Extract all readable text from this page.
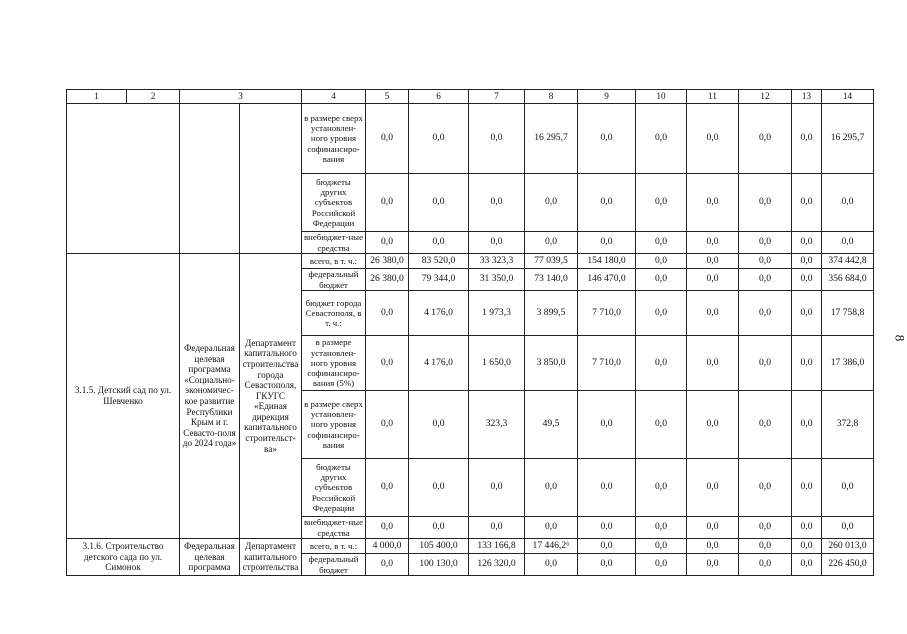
1	2	3		4	5	6	7	8	9	10	11	12	13	14
				в размере сверх установлен-ного уровня софинансиро-вания	0,0	0,0	0,0	16 295,7	0,0	0,0	0,0	0,0	0,0	16 295,7
				бюджеты других субъектов Российской Федерации	0,0	0,0	0,0	0,0	0,0	0,0	0,0	0,0	0,0	0,0
				внебюджет-ные средства	0,0	0,0	0,0	0,0	0,0	0,0	0,0	0,0	0,0	0,0
3.1.5. Детский сад по ул. Шевченко		Федеральная целевая программа «Социально-экономичес-кое развитие Республики Крым и г. Севасто-поля до 2024 года»	Департамент капитального строительства города Севастополя, ГКУГС «Единая дирекция капитального строительст-ва»	всего, в т. ч.:	26 380,0	83 520,0	33 323,3	77 039,5	154 180,0	0,0	0,0	0,0	0,0	374 442,8
				федеральный бюджет	26 380,0	79 344,0	31 350,0	73 140,0	146 470,0	0,0	0,0	0,0	0,0	356 684,0
				бюджет города Севастополя, в т. ч.:	0,0	4 176,0	1 973,3	3 899,5	7 710,0	0,0	0,0	0,0	0,0	17 758,8
				в размере установлен-ного уровня софинансиро-вания (5%)	0,0	4 176,0	1 650,0	3 850,0	7 710,0	0,0	0,0	0,0	0,0	17 386,0
				в размере сверх установлен-ного уровня софинансиро-вания	0,0	0,0	323,3	49,5	0,0	0,0	0,0	0,0	0,0	372,8
				бюджеты других субъектов Российской Федерации	0,0	0,0	0,0	0,0	0,0	0,0	0,0	0,0	0,0	0,0
				внебюджет-ные средства	0,0	0,0	0,0	0,0	0,0	0,0	0,0	0,0	0,0	0,0
3.1.6. Строительство детского сада по ул. Симонок		Федеральная целевая программа	Департамент капитального строительства	всего, в т. ч.:	4 000,0	105 400,0	133 166,8	17 446,2⁶	0,0	0,0	0,0	0,0	0,0	260 013,0
				федеральный бюджет	0,0	100 130,0	126 320,0	0,0	0,0	0,0	0,0	0,0	0,0	226 450,0
8
